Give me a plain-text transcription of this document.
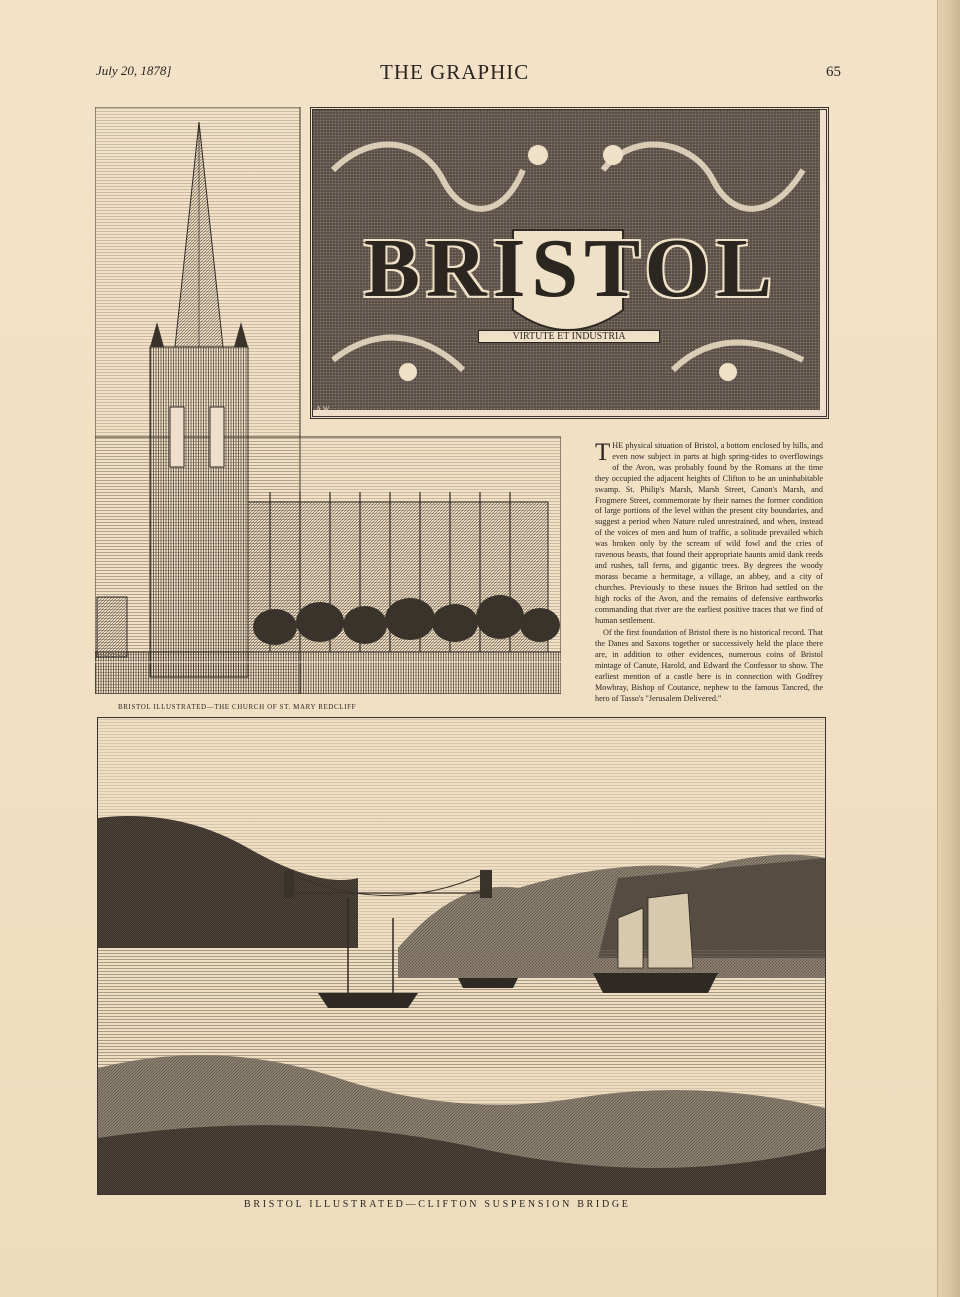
July 20, 1878]	THE GRAPHIC	65
BRISTOL
VIRTUTE ET INDUSTRIA
A.W.
BRISTOL ILLUSTRATED—THE CHURCH OF ST. MARY REDCLIFF

THE physical situation of Bristol, a bottom enclosed by hills, and even now subject in parts at high spring-tides to overflowings of the Avon, was probably found by the Romans at the time they occupied the adjacent heights of Clifton to be an uninhabitable swamp. St. Philip's Marsh, Marsh Street, Canon's Marsh, and Frogmere Street, commemorate by their names the former condition of large portions of the level within the present city boundaries, and suggest a period when Nature ruled unrestrained, and when, instead of the voices of men and hum of traffic, a solitude prevailed which was broken only by the scream of wild fowl and the cries of ravenous beasts, that found their appropriate haunts amid dank reeds and rushes, tall ferns, and gigantic trees. By degrees the woody morass became a hermitage, a village, an abbey, and a city of churches. Previously to these issues the Briton had settled on the high rocks of the Avon, and the remains of defensive earthworks commanding that river are the earliest positive traces that we find of human settlement.

Of the first foundation of Bristol there is no historical record. That the Danes and Saxons together or successively held the place there are, in addition to other evidences, numerous coins of Bristol mintage of Canute, Harold, and Edward the Confessor to show. The earliest mention of a castle here is in connection with Godfrey Mowbray, Bishop of Coutance, nephew to the famous Tancred, the hero of Tasso's "Jerusalem Delivered."

BRISTOL ILLUSTRATED—CLIFTON SUSPENSION BRIDGE
